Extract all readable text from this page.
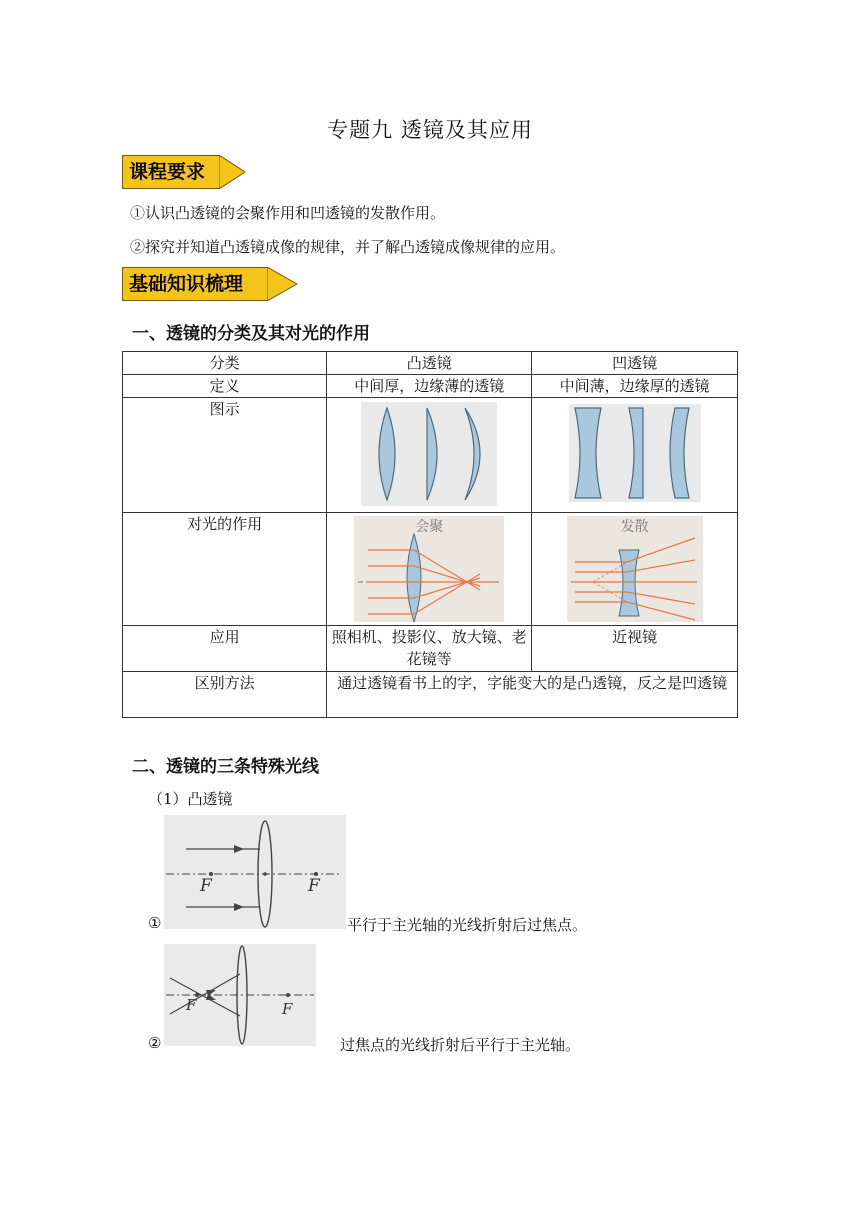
专题九 透镜及其应用
课程要求
①认识凸透镜的会聚作用和凹透镜的发散作用。
②探究并知道凸透镜成像的规律，并了解凸透镜成像规律的应用。
基础知识梳理
一、透镜的分类及其对光的作用
分类	凸透镜	凹透镜
定义	中间厚，边缘薄的透镜	中间薄，边缘厚的透镜
图示		
对光的作用	会聚	发散

应用	照相机、投影仪、放大镜、老花镜等	近视镜
区别方法	通过透镜看书上的字，字能变大的是凸透镜，反之是凹透镜	
二、透镜的三条特殊光线
（1）凸透镜
①
F	F
平行于主光轴的光线折射后过焦点。
②
F	F
过焦点的光线折射后平行于主光轴。
